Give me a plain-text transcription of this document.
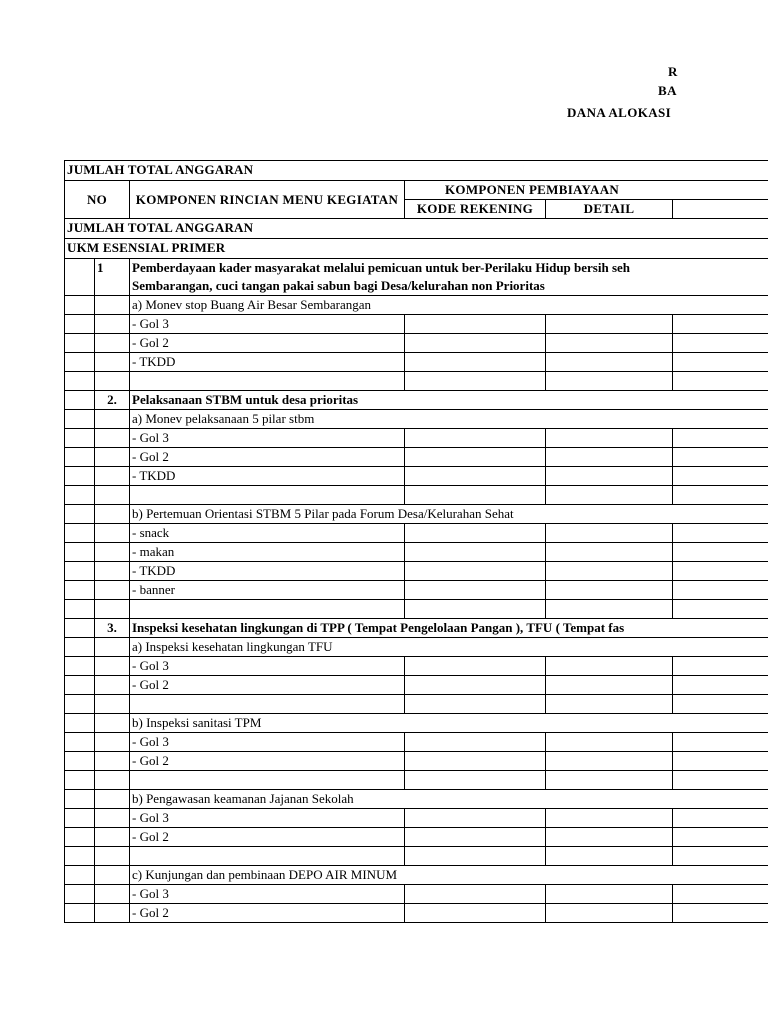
R
BA
DANA ALOKASI
JUMLAH TOTAL ANGGARAN					
NO		KOMPONEN RINCIAN MENU KEGIATAN	KOMPONEN PEMBIAYAAN		
			KODE REKENING	DETAIL	
JUMLAH TOTAL ANGGARAN					
UKM ESENSIAL PRIMER					
	1	Pemberdayaan kader masyarakat melalui pemicuan untuk ber-Perilaku Hidup bersih seh
Sembarangan, cuci tangan pakai sabun bagi Desa/kelurahan non Prioritas			

		a) Monev stop Buang Air Besar Sembarangan			
		- Gol 3			
		- Gol 2			
		- TKDD			

	2.	Pelaksanaan STBM untuk desa prioritas			
		a) Monev pelaksanaan 5 pilar stbm			
		- Gol 3			
		- Gol 2			
		- TKDD			

		b) Pertemuan Orientasi STBM 5 Pilar pada Forum Desa/Kelurahan Sehat			
		- snack			
		- makan			
		- TKDD			
		- banner			

	3.	Inspeksi kesehatan lingkungan di TPP ( Tempat Pengelolaan Pangan ), TFU ( Tempat fas			
		a) Inspeksi kesehatan lingkungan TFU			
		- Gol 3			
		- Gol 2			

		b) Inspeksi sanitasi TPM			
		- Gol 3			
		- Gol 2			

		b) Pengawasan keamanan Jajanan Sekolah			
		- Gol 3			
		- Gol 2			

		c) Kunjungan dan pembinaan DEPO AIR MINUM			
		- Gol 3			
		- Gol 2			
